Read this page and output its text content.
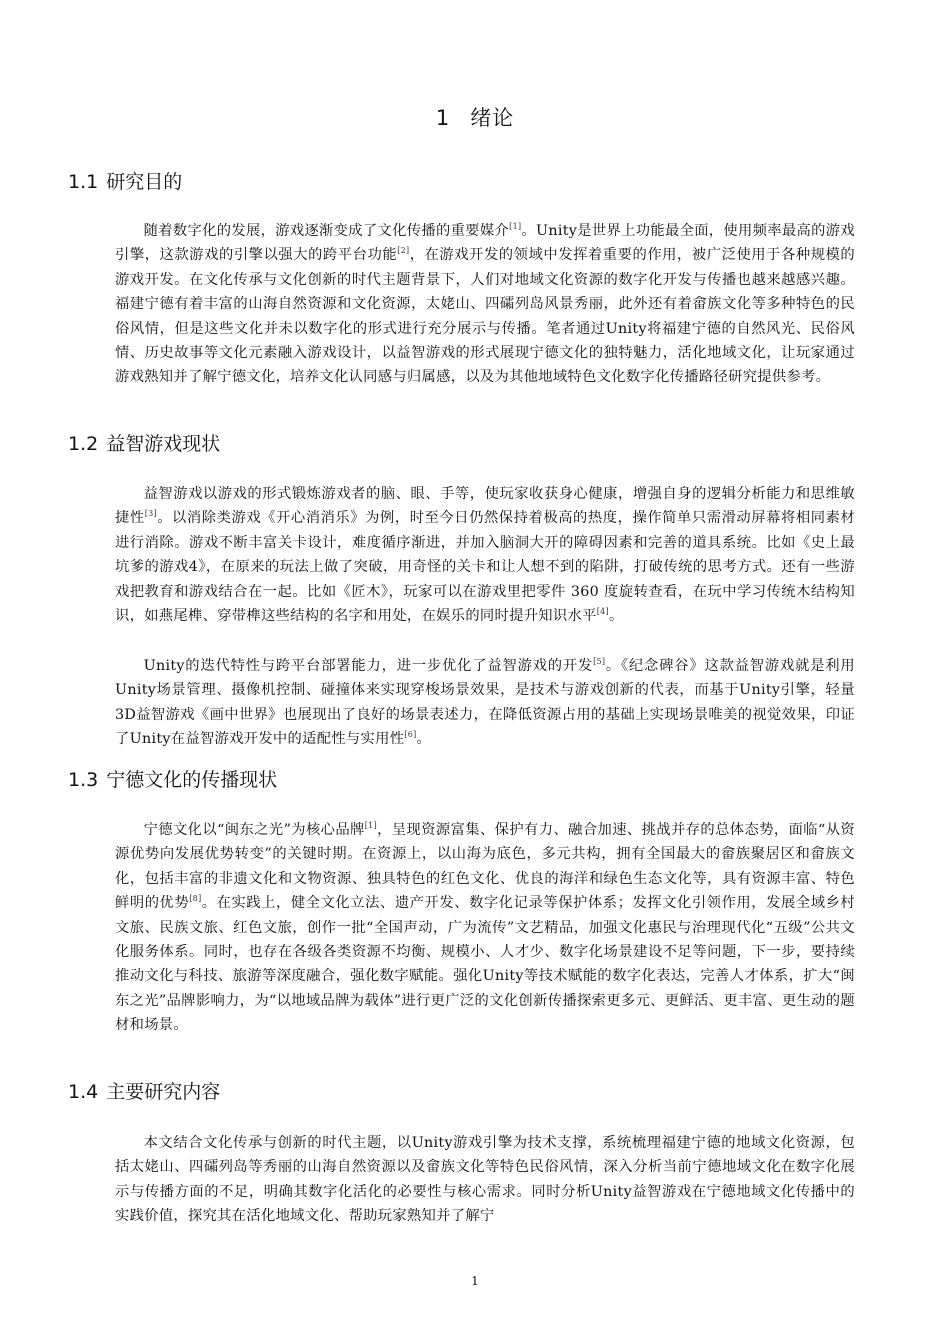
1 绪论
1.1 研究目的

随着数字化的发展，游戏逐渐变成了文化传播的重要媒介[1]。Unity是世界上功能最全面，使用频率最高的游戏引擎，这款游戏的引擎以强大的跨平台功能[2]，在游戏开发的领域中发挥着重要的作用，被广泛使用于各种规模的游戏开发。在文化传承与文化创新的时代主题背景下，人们对地域文化资源的数字化开发与传播也越来越感兴趣。福建宁德有着丰富的山海自然资源和文化资源，太姥山、四礵列岛风景秀丽，此外还有着畲族文化等多种特色的民俗风情，但是这些文化并未以数字化的形式进行充分展示与传播。笔者通过Unity将福建宁德的自然风光、民俗风情、历史故事等文化元素融入游戏设计，以益智游戏的形式展现宁德文化的独特魅力，活化地域文化，让玩家通过游戏熟知并了解宁德文化，培养文化认同感与归属感，以及为其他地域特色文化数字化传播路径研究提供参考。

1.2 益智游戏现状

益智游戏以游戏的形式锻炼游戏者的脑、眼、手等，使玩家收获身心健康，增强自身的逻辑分析能力和思维敏捷性[3]。以消除类游戏《开心消消乐》为例，时至今日仍然保持着极高的热度，操作简单只需滑动屏幕将相同素材进行消除。游戏不断丰富关卡设计，难度循序渐进，并加入脑洞大开的障碍因素和完善的道具系统。比如《史上最坑爹的游戏4》，在原来的玩法上做了突破，用奇怪的关卡和让人想不到的陷阱，打破传统的思考方式。还有一些游戏把教育和游戏结合在一起。比如《匠木》，玩家可以在游戏里把零件 360 度旋转查看，在玩中学习传统木结构知识，如燕尾榫、穿带榫这些结构的名字和用处，在娱乐的同时提升知识水平[4]。

Unity的迭代特性与跨平台部署能力，进一步优化了益智游戏的开发[5]。《纪念碑谷》这款益智游戏就是利用Unity场景管理、摄像机控制、碰撞体来实现穿梭场景效果，是技术与游戏创新的代表，而基于Unity引擎，轻量3D益智游戏《画中世界》也展现出了良好的场景表述力，在降低资源占用的基础上实现场景唯美的视觉效果，印证了Unity在益智游戏开发中的适配性与实用性[6]。

1.3 宁德文化的传播现状

宁德文化以“闽东之光”为核心品牌[1]，呈现资源富集、保护有力、融合加速、挑战并存的总体态势，面临“从资源优势向发展优势转变”的关键时期。在资源上，以山海为底色，多元共构，拥有全国最大的畲族聚居区和畲族文化，包括丰富的非遗文化和文物资源、独具特色的红色文化、优良的海洋和绿色生态文化等，具有资源丰富、特色鲜明的优势[8]。在实践上，健全文化立法、遗产开发、数字化记录等保护体系；发挥文化引领作用，发展全域乡村文旅、民族文旅、红色文旅，创作一批“全国声动，广为流传”文艺精品，加强文化惠民与治理现代化“五级”公共文化服务体系。同时，也存在各级各类资源不均衡、规模小、人才少、数字化场景建设不足等问题，下一步，要持续推动文化与科技、旅游等深度融合，强化数字赋能。强化Unity等技术赋能的数字化表达，完善人才体系，扩大“闽东之光”品牌影响力，为“以地域品牌为载体”进行更广泛的文化创新传播探索更多元、更鲜活、更丰富、更生动的题材和场景。

1.4 主要研究内容

本文结合文化传承与创新的时代主题，以Unity游戏引擎为技术支撑，系统梳理福建宁德的地域文化资源，包括太姥山、四礵列岛等秀丽的山海自然资源以及畲族文化等特色民俗风情，深入分析当前宁德地域文化在数字化展示与传播方面的不足，明确其数字化活化的必要性与核心需求。同时分析Unity益智游戏在宁德地域文化传播中的实践价值，探究其在活化地域文化、帮助玩家熟知并了解宁

1
